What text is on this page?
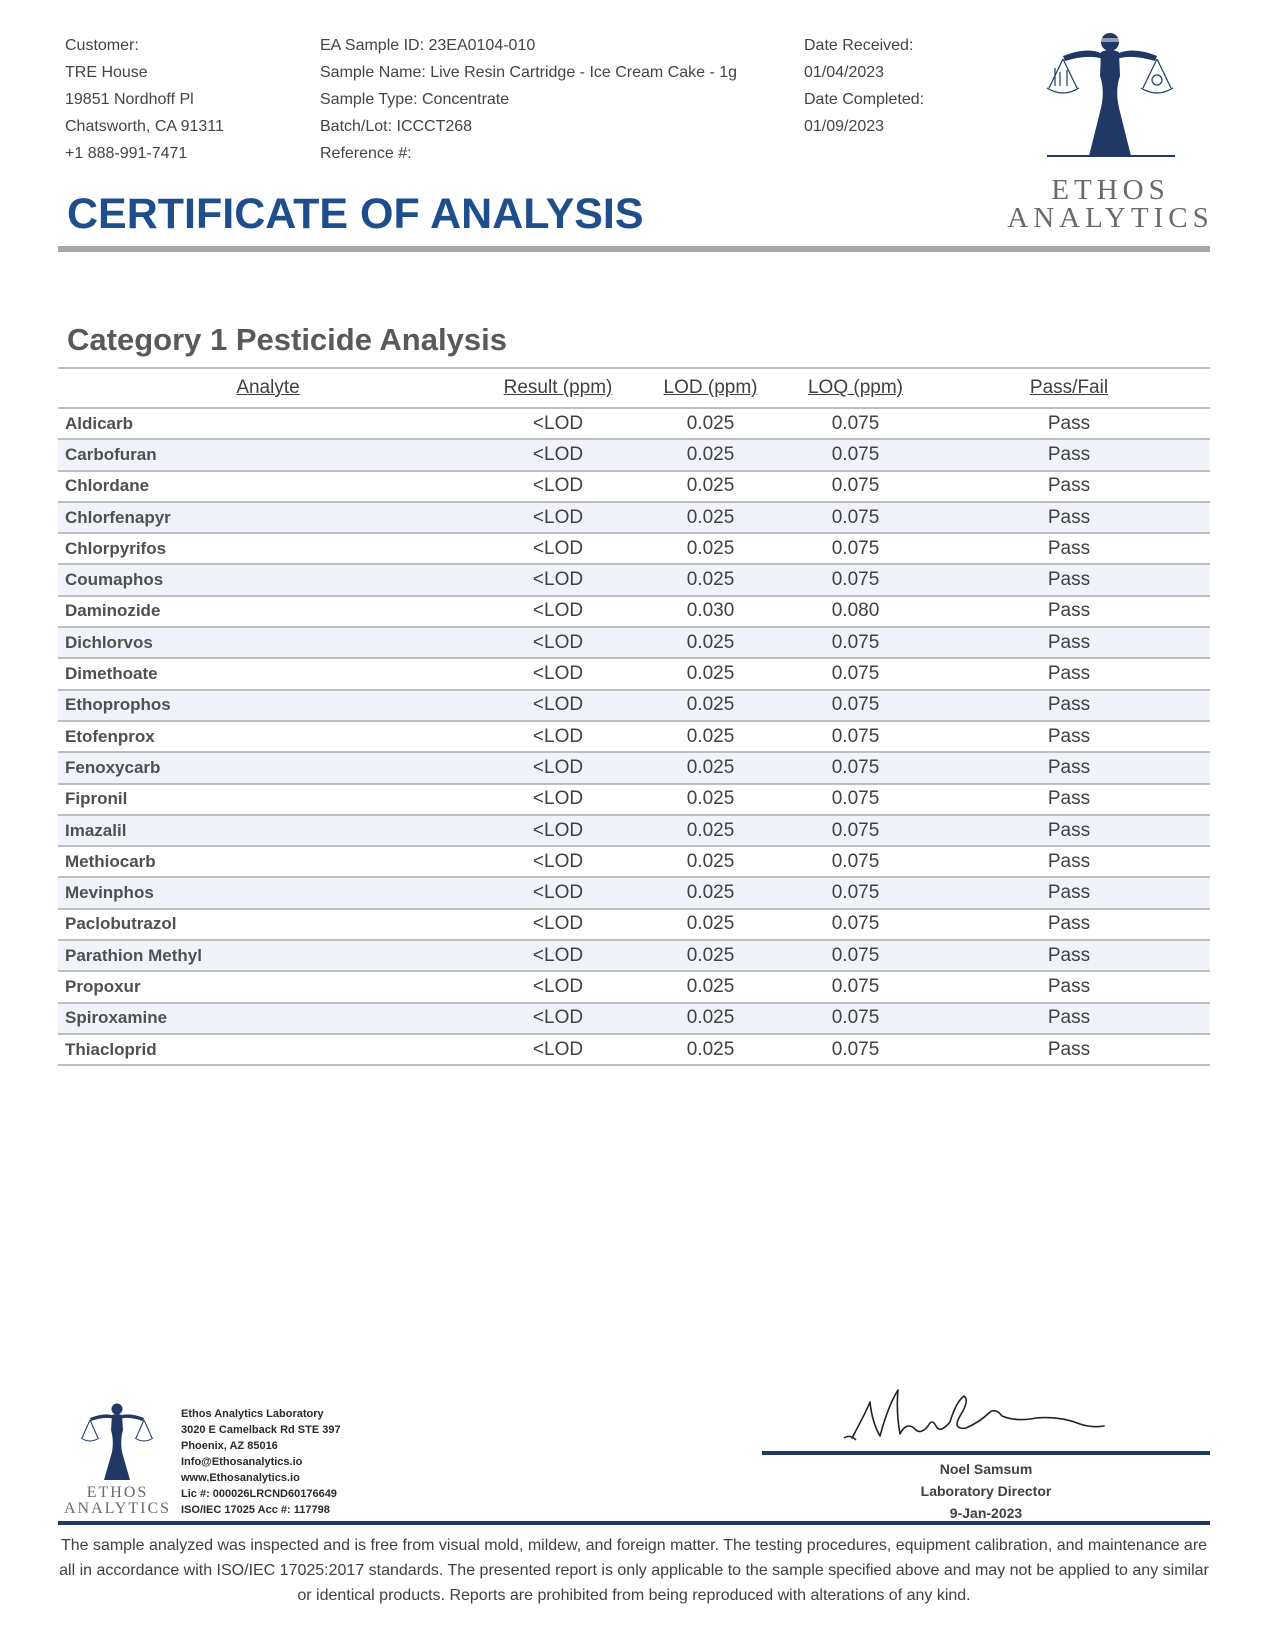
Customer:
TRE House
19851 Nordhoff Pl
Chatsworth, CA 91311
+1 888-991-7471
EA Sample ID: 23EA0104-010
Sample Name: Live Resin Cartridge - Ice Cream Cake - 1g
Sample Type: Concentrate
Batch/Lot: ICCCT268
Reference #:
Date Received:
01/04/2023
Date Completed:
01/09/2023
ETHOS
ANALYTICS
CERTIFICATE OF ANALYSIS
Category 1 Pesticide Analysis
Analyte	Result (ppm)	LOD (ppm)	LOQ (ppm)	Pass/Fail
Aldicarb	<LOD	0.025	0.075	Pass
Carbofuran	<LOD	0.025	0.075	Pass
Chlordane	<LOD	0.025	0.075	Pass
Chlorfenapyr	<LOD	0.025	0.075	Pass
Chlorpyrifos	<LOD	0.025	0.075	Pass
Coumaphos	<LOD	0.025	0.075	Pass
Daminozide	<LOD	0.030	0.080	Pass
Dichlorvos	<LOD	0.025	0.075	Pass
Dimethoate	<LOD	0.025	0.075	Pass
Ethoprophos	<LOD	0.025	0.075	Pass
Etofenprox	<LOD	0.025	0.075	Pass
Fenoxycarb	<LOD	0.025	0.075	Pass
Fipronil	<LOD	0.025	0.075	Pass
Imazalil	<LOD	0.025	0.075	Pass
Methiocarb	<LOD	0.025	0.075	Pass
Mevinphos	<LOD	0.025	0.075	Pass
Paclobutrazol	<LOD	0.025	0.075	Pass
Parathion Methyl	<LOD	0.025	0.075	Pass
Propoxur	<LOD	0.025	0.075	Pass
Spiroxamine	<LOD	0.025	0.075	Pass
Thiacloprid	<LOD	0.025	0.075	Pass
ETHOS
ANALYTICS
Ethos Analytics Laboratory
3020 E Camelback Rd STE 397
Phoenix, AZ 85016
Info@Ethosanalytics.io
www.Ethosanalytics.io
Lic #: 000026LRCND60176649
ISO/IEC 17025 Acc #: 117798
Noel Samsum
Laboratory Director
9-Jan-2023
The sample analyzed was inspected and is free from visual mold, mildew, and foreign matter. The testing procedures, equipment calibration, and maintenance are all in accordance with ISO/IEC 17025:2017 standards. The presented report is only applicable to the sample specified above and may not be applied to any similar or identical products. Reports are prohibited from being reproduced with alterations of any kind.
